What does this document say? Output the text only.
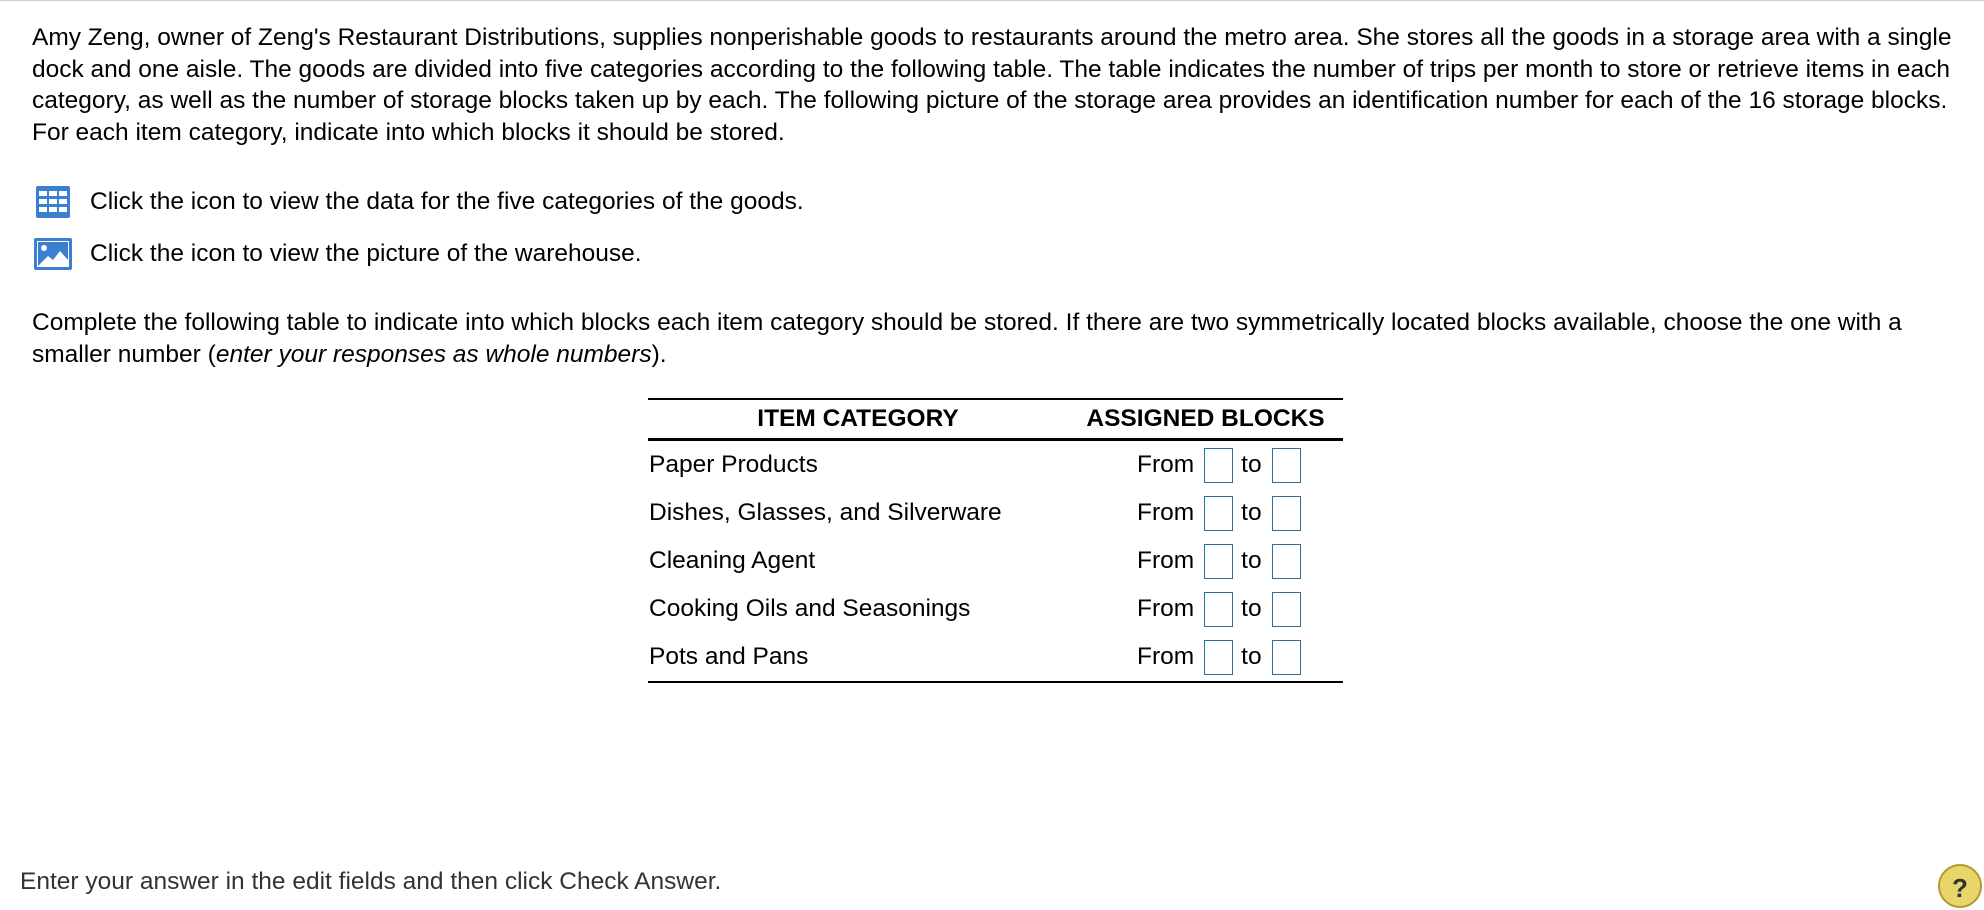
Amy Zeng, owner of Zeng's Restaurant Distributions, supplies nonperishable goods to restaurants around the metro area. She stores all the goods in a storage area with a single dock and one aisle. The goods are divided into five categories according to the following table. The table indicates the number of trips per month to store or retrieve items in each category, as well as the number of storage blocks taken up by each. The following picture of the storage area provides an identification number for each of the 16 storage blocks. For each item category, indicate into which blocks it should be stored.

Click the icon to view the data for the five categories of the goods.
Click the icon to view the picture of the warehouse.

Complete the following table to indicate into which blocks each item category should be stored. If there are two symmetrically located blocks available, choose the one with a smaller number (enter your responses as whole numbers).

ITEM CATEGORY	ASSIGNED BLOCKS
Paper Products	From to
Dishes, Glasses, and Silverware	From to
Cleaning Agent	From to
Cooking Oils and Seasonings	From to
Pots and Pans	From to
Enter your answer in the edit fields and then click Check Answer.	?
